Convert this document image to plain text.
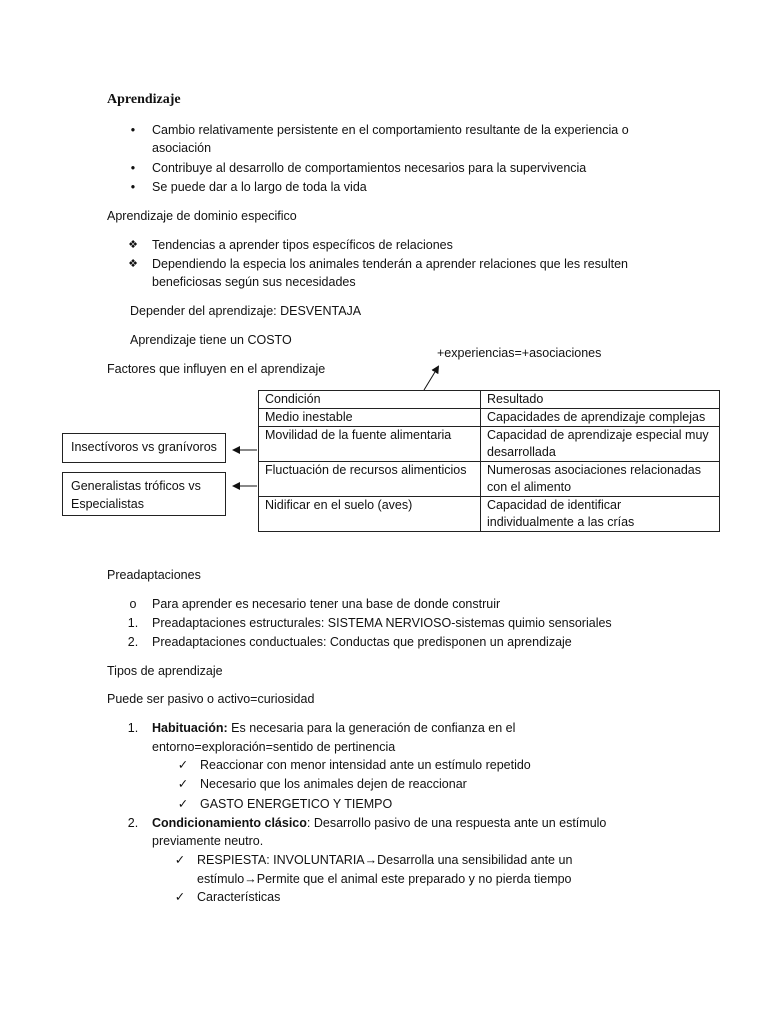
Aprendizaje
•	Cambio relativamente persistente en el comportamiento resultante de la experiencia o
asociación
•	Contribuye al desarrollo de comportamientos necesarios para la supervivencia
•	Se puede dar a lo largo de toda la vida
Aprendizaje de dominio especifico
❖	Tendencias a aprender tipos específicos de relaciones
❖	Dependiendo la especia los animales tenderán a aprender relaciones que les resulten
beneficiosas según sus necesidades
Depender del aprendizaje: DESVENTAJA
Aprendizaje tiene un COSTO
+experiencias=+asociaciones
Factores que influyen en el aprendizaje
Condición	Resultado
Medio inestable	Capacidades de aprendizaje complejas
Movilidad de la fuente alimentaria	Capacidad de aprendizaje especial muy
desarrollada
Fluctuación de recursos alimenticios	Numerosas asociaciones relacionadas
con el alimento
Nidificar en el suelo (aves)	Capacidad de identificar
individualmente a las crías
Insectívoros vs granívoros
Generalistas tróficos vs
Especialistas
Preadaptaciones
o	Para aprender es necesario tener una base de donde construir
1.	Preadaptaciones estructurales: SISTEMA NERVIOSO-sistemas quimio sensoriales
2.	Preadaptaciones conductuales: Conductas que predisponen un aprendizaje
Tipos de aprendizaje
Puede ser pasivo o activo=curiosidad
1.	Habituación: Es necesaria para la generación de confianza en el
entorno=exploración=sentido de pertinencia
✓ Reaccionar con menor intensidad ante un estímulo repetido
✓ Necesario que los animales dejen de reaccionar
✓ GASTO ENERGETICO Y TIEMPO
2.	Condicionamiento clásico: Desarrollo pasivo de una respuesta ante un estímulo
previamente neutro.
✓ RESPIESTA: INVOLUNTARIA→Desarrolla una sensibilidad ante un
estímulo→Permite que el animal este preparado y no pierda tiempo
✓ Características
